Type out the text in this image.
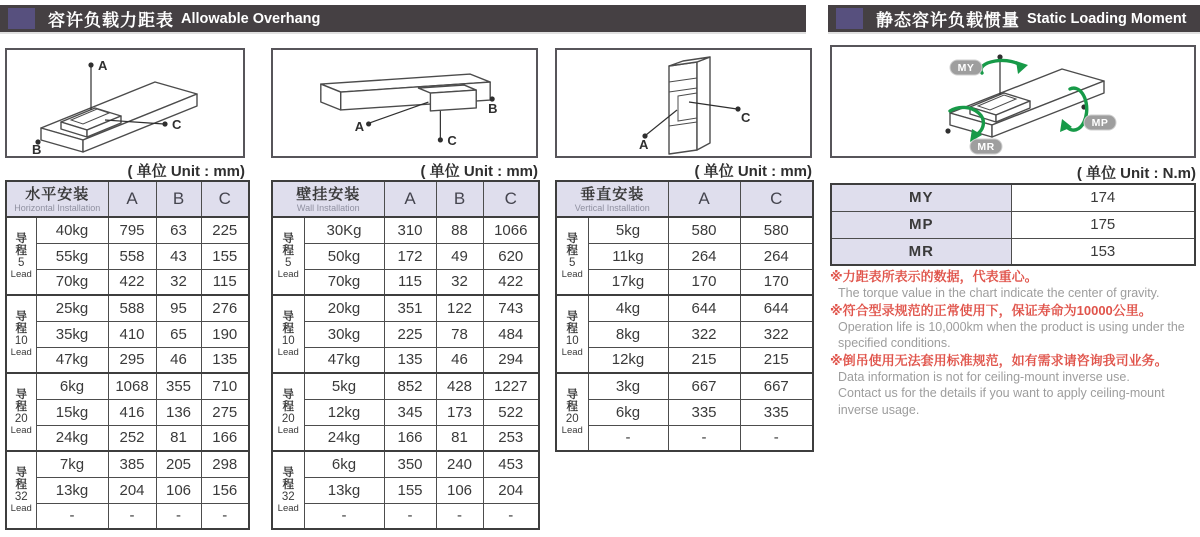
容许负载力距表 Allowable Overhang	静态容许负载惯量 Static Loading Moment
A
B
C
( 单位 Unit : mm)
A
B
C
( 单位 Unit : mm)
A
C
( 单位 Unit : mm)
MY
MP
MR
( 单位 Unit : N.m)
水平安装
Horizontal Installation		A	B	C

导
程
5
Lead	40kg	795	63	225
	55kg	558	43	155
	70kg	422	32	115

导
程
10
Lead	25kg	588	95	276
	35kg	410	65	190
	47kg	295	46	135

导
程
20
Lead	6kg	1068	355	710
	15kg	416	136	275
	24kg	252	81	166

导
程
32
Lead	7kg	385	205	298
	13kg	204	106	156
	-	-	-	-
壁挂安装
Wall Installation		A	B	C

导
程
5
Lead	30Kg	310	88	1066
	50kg	172	49	620
	70kg	115	32	422

导
程
10
Lead	20kg	351	122	743
	30kg	225	78	484
	47kg	135	46	294

导
程
20
Lead	5kg	852	428	1227
	12kg	345	173	522
	24kg	166	81	253

导
程
32
Lead	6kg	350	240	453
	13kg	155	106	204
	-	-	-	-
垂直安装
Vertical Installation		A	C

导
程
5
Lead	5kg	580	580
	11kg	264	264
	17kg	170	170

导
程
10
Lead	4kg	644	644
	8kg	322	322
	12kg	215	215

导
程
20
Lead	3kg	667	667
	6kg	335	335
	-	-	-
MY	174
MP	175
MR	153
※力距表所表示的数据，代表重心。
The torque value in the chart indicate the center of gravity.
※符合型录规范的正常使用下，保证寿命为10000公里。
Operation life is 10,000km when the product is using under the
specified conditions.
※倒吊使用无法套用标准规范，如有需求请咨询我司业务。
Data information is not for ceiling-mount inverse use.
Contact us for the details if you want to apply ceiling-mount
inverse usage.
